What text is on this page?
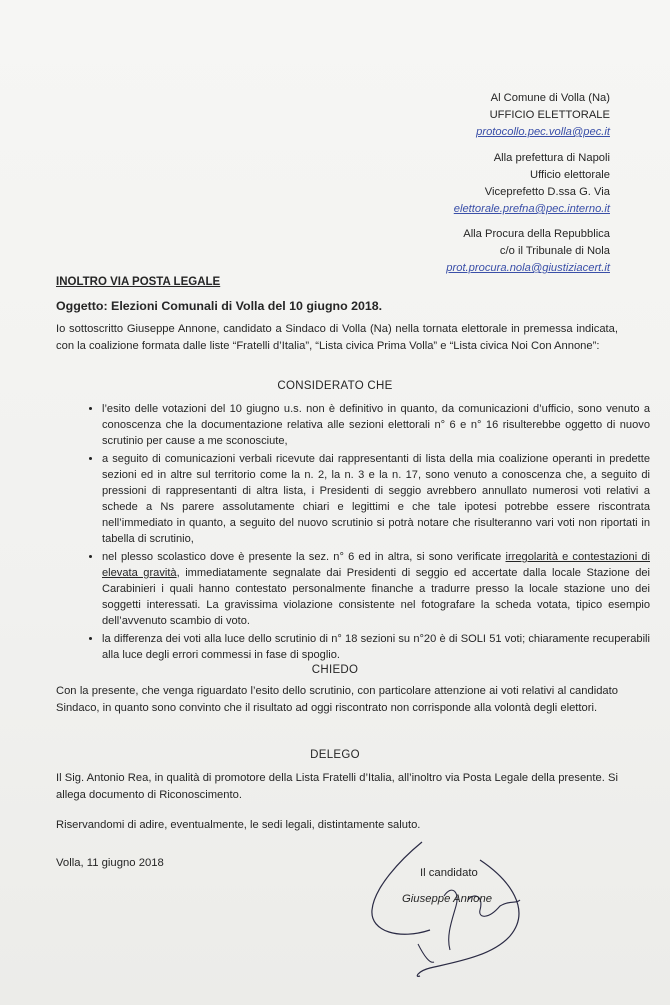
Al Comune di Volla (Na)
UFFICIO ELETTORALE
protocollo.pec.volla@pec.it
Alla prefettura di Napoli
Ufficio elettorale
Viceprefetto D.ssa G. Via
elettorale.prefna@pec.interno.it
Alla Procura della Repubblica
c/o il Tribunale di Nola
prot.procura.nola@giustiziacert.it
INOLTRO VIA POSTA LEGALE
Oggetto: Elezioni Comunali di Volla del 10 giugno 2018.
Io sottoscritto Giuseppe Annone, candidato a Sindaco di Volla (Na) nella tornata elettorale in premessa indicata, con la coalizione formata dalle liste “Fratelli d’Italia”, “Lista civica Prima Volla” e “Lista civica Noi Con Annone”:
CONSIDERATO CHE
• l’esito delle votazioni del 10 giugno u.s. non è definitivo in quanto, da comunicazioni d’ufficio, sono venuto a conoscenza che la documentazione relativa alle sezioni elettorali n° 6 e n° 16 risulterebbe oggetto di nuovo scrutinio per cause a me sconosciute,
• a seguito di comunicazioni verbali ricevute dai rappresentanti di lista della mia coalizione operanti in predette sezioni ed in altre sul territorio come la n. 2, la n. 3 e la n. 17, sono venuto a conoscenza che, a seguito di pressioni di rappresentanti di altra lista, i Presidenti di seggio avrebbero annullato numerosi voti relativi a schede a Ns parere assolutamente chiari e legittimi e che tale ipotesi potrebbe essere riscontrata nell’immediato in quanto, a seguito del nuovo scrutinio si potrà notare che risulteranno vari voti non riportati in tabella di scrutinio,
• nel plesso scolastico dove è presente la sez. n° 6 ed in altra, si sono verificate irregolarità e contestazioni di elevata gravità, immediatamente segnalate dai Presidenti di seggio ed accertate dalla locale Stazione dei Carabinieri i quali hanno contestato personalmente finanche a tradurre presso la locale stazione uno dei soggetti interessati. La gravissima violazione consistente nel fotografare la scheda votata, tipico esempio dell’avvenuto scambio di voto.
• la differenza dei voti alla luce dello scrutinio di n° 18 sezioni su n°20 è di SOLI 51 voti; chiaramente recuperabili alla luce degli errori commessi in fase di spoglio.
CHIEDO
Con la presente, che venga riguardato l’esito dello scrutinio, con particolare attenzione ai voti relativi al candidato Sindaco, in quanto sono convinto che il risultato ad oggi riscontrato non corrisponde alla volontà degli elettori.
DELEGO
Il Sig. Antonio Rea, in qualità di promotore della Lista Fratelli d’Italia, all’inoltro via Posta Legale della presente. Si allega documento di Riconoscimento.
Riservandomi di adire, eventualmente, le sedi legali, distintamente saluto.
Volla, 11 giugno 2018
Il candidato
Giuseppe Annone
